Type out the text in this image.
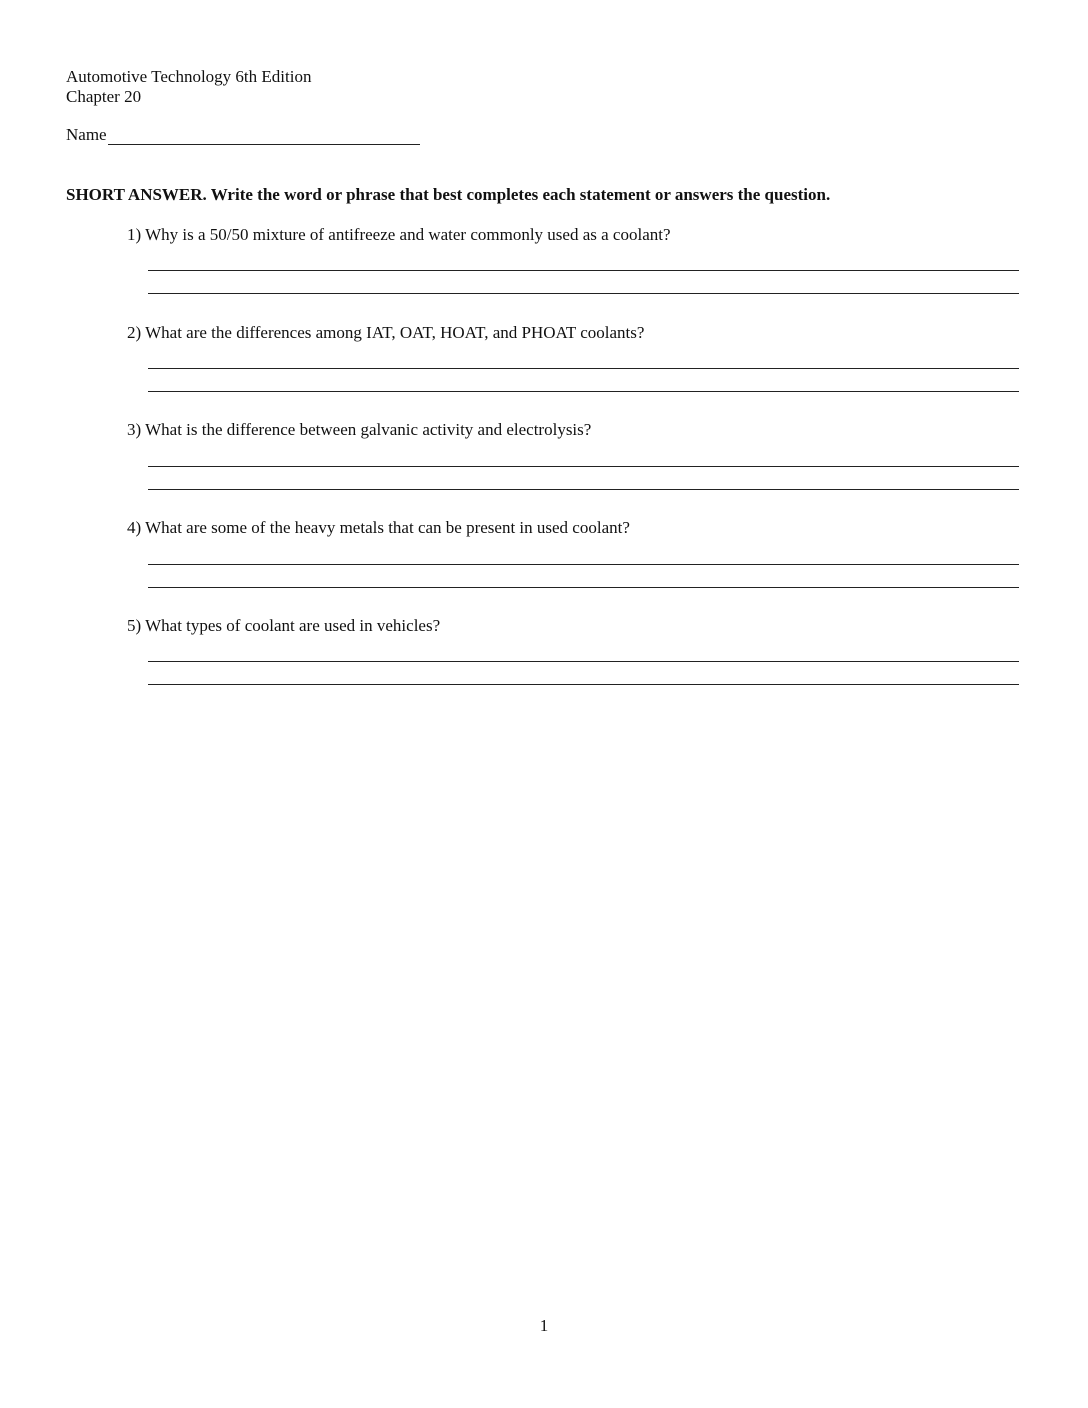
Automotive Technology 6th Edition
Chapter 20
Name
SHORT ANSWER. Write the word or phrase that best completes each statement or answers the question.
1) Why is a 50/50 mixture of antifreeze and water commonly used as a coolant?
2) What are the differences among IAT, OAT, HOAT, and PHOAT coolants?
3) What is the difference between galvanic activity and electrolysis?
4) What are some of the heavy metals that can be present in used coolant?
5) What types of coolant are used in vehicles?
1
